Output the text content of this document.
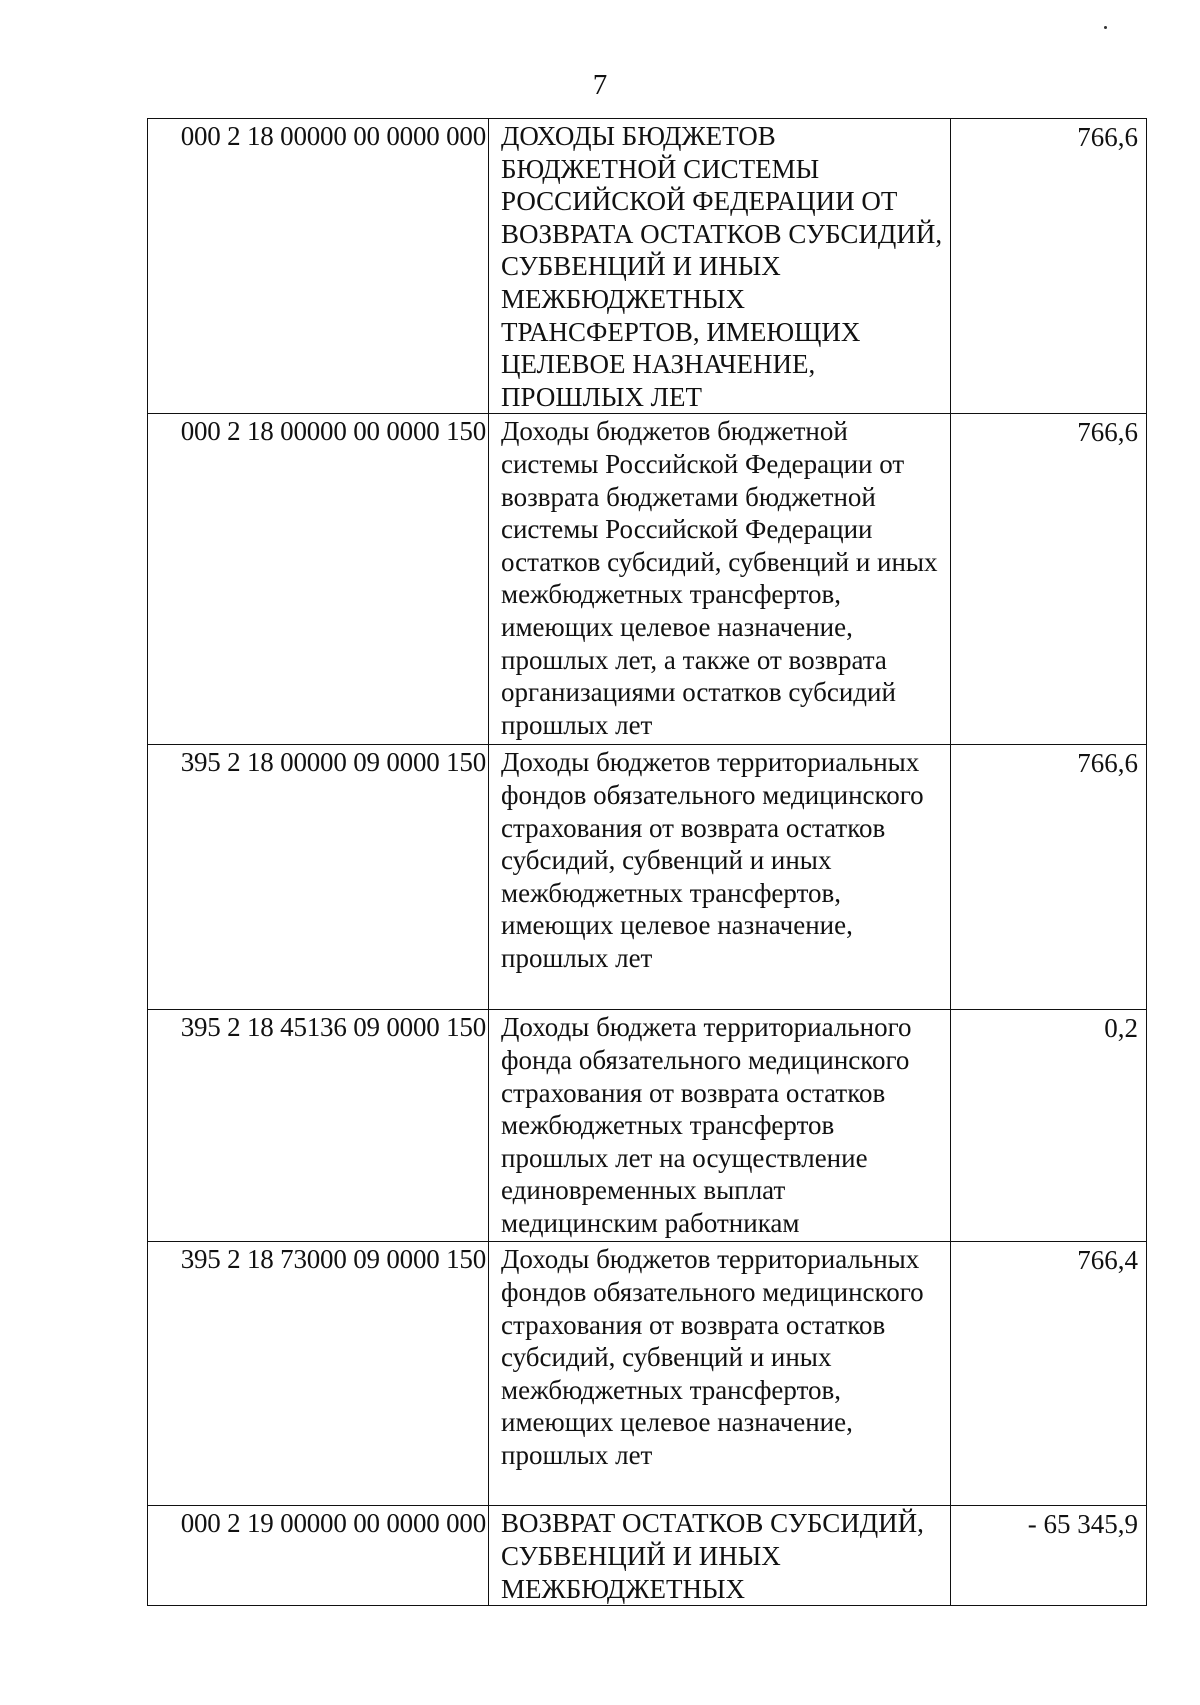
7
000 2 18 00000 00 0000 000	ДОХОДЫ БЮДЖЕТОВ БЮДЖЕТНОЙ СИСТЕМЫ РОССИЙСКОЙ ФЕДЕРАЦИИ ОТ ВОЗВРАТА ОСТАТКОВ СУБСИДИЙ, СУБВЕНЦИЙ И ИНЫХ МЕЖБЮДЖЕТНЫХ ТРАНСФЕРТОВ, ИМЕЮЩИХ ЦЕЛЕВОЕ НАЗНАЧЕНИЕ, ПРОШЛЫХ ЛЕТ	766,6
000 2 18 00000 00 0000 150	Доходы бюджетов бюджетной системы Российской Федерации от возврата бюджетами бюджетной системы Российской Федерации остатков субсидий, субвенций и иных межбюджетных трансфертов, имеющих целевое назначение, прошлых лет, а также от возврата организациями остатков субсидий прошлых лет	766,6
395 2 18 00000 09 0000 150	Доходы бюджетов территориальных фондов обязательного медицинского страхования от возврата остатков субсидий, субвенций и иных межбюджетных трансфертов, имеющих целевое назначение, прошлых лет	766,6
395 2 18 45136 09 0000 150	Доходы бюджета территориального фонда обязательного медицинского страхования от возврата остатков межбюджетных трансфертов прошлых лет на осуществление единовременных выплат медицинским работникам	0,2
395 2 18 73000 09 0000 150	Доходы бюджетов территориальных фондов обязательного медицинского страхования от возврата остатков субсидий, субвенций и иных межбюджетных трансфертов, имеющих целевое назначение, прошлых лет	766,4
000 2 19 00000 00 0000 000	ВОЗВРАТ ОСТАТКОВ СУБСИДИЙ, СУБВЕНЦИЙ И ИНЫХ МЕЖБЮДЖЕТНЫХ	- 65 345,9
